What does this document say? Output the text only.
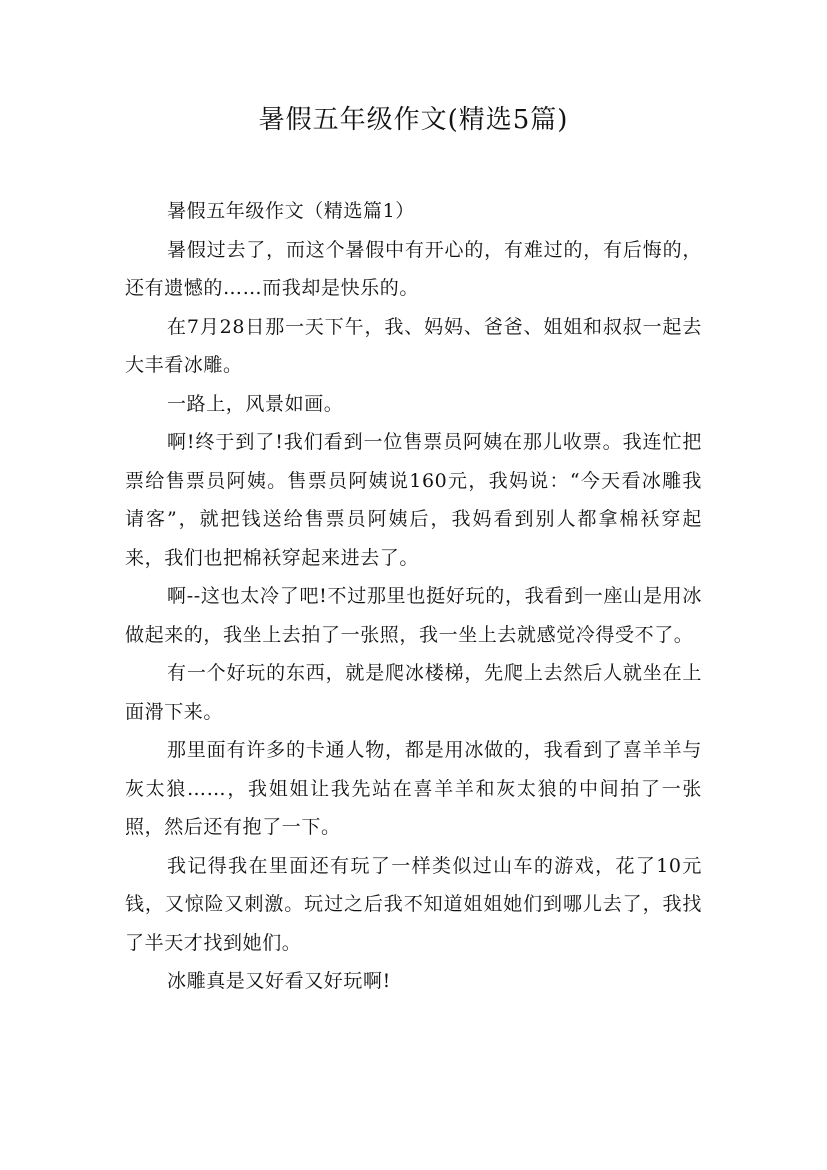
暑假五年级作文(精选5篇)

暑假五年级作文（精选篇1）

暑假过去了，而这个暑假中有开心的，有难过的，有后悔的，还有遗憾的……而我却是快乐的。

在7月28日那一天下午，我、妈妈、爸爸、姐姐和叔叔一起去大丰看冰雕。

一路上，风景如画。

啊!终于到了!我们看到一位售票员阿姨在那儿收票。我连忙把票给售票员阿姨。售票员阿姨说160元，我妈说：“今天看冰雕我请客”，就把钱送给售票员阿姨后，我妈看到别人都拿棉袄穿起来，我们也把棉袄穿起来进去了。

啊--这也太冷了吧!不过那里也挺好玩的，我看到一座山是用冰做起来的，我坐上去拍了一张照，我一坐上去就感觉冷得受不了。

有一个好玩的东西，就是爬冰楼梯，先爬上去然后人就坐在上面滑下来。

那里面有许多的卡通人物，都是用冰做的，我看到了喜羊羊与灰太狼……，我姐姐让我先站在喜羊羊和灰太狼的中间拍了一张照，然后还有抱了一下。

我记得我在里面还有玩了一样类似过山车的游戏，花了10元钱，又惊险又刺激。玩过之后我不知道姐姐她们到哪儿去了，我找了半天才找到她们。

冰雕真是又好看又好玩啊!
